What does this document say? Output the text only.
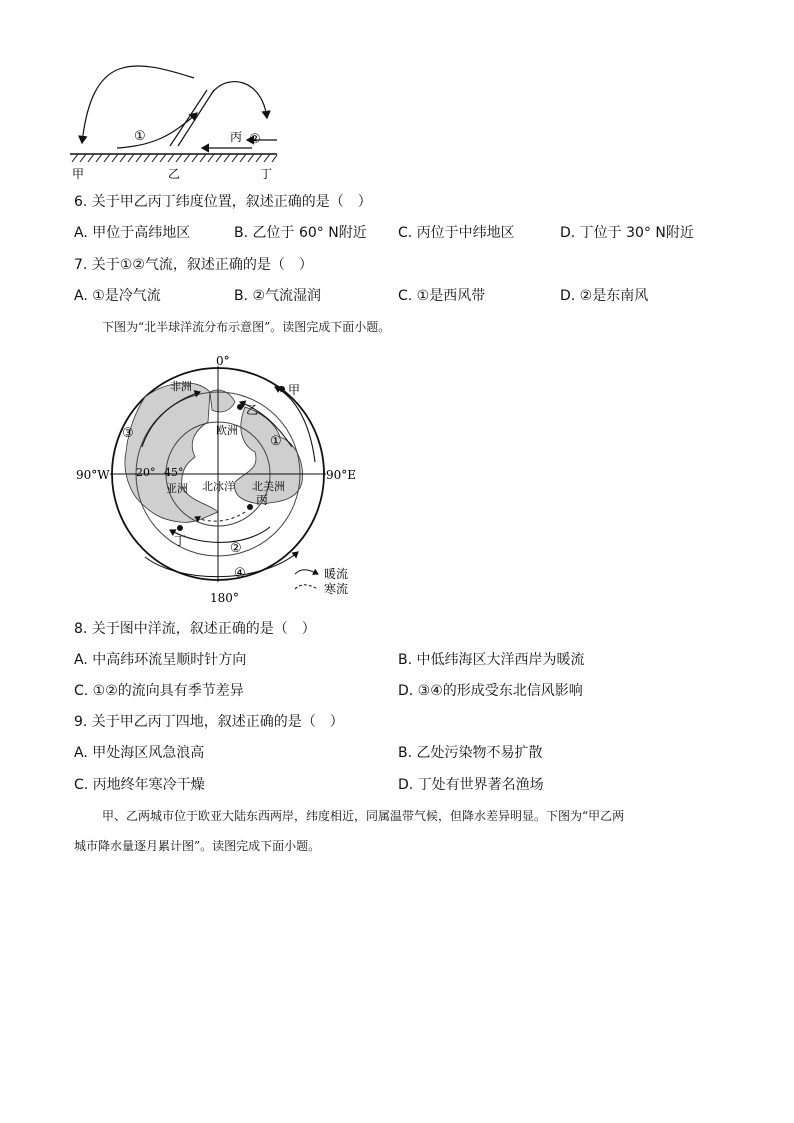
甲	乙	丁
丙
①	②
6. 关于甲乙丙丁纬度位置，叙述正确的是（　）
A. 甲位于高纬地区	B. 乙位于 60° N附近 C. 丙位于中纬地区	D. 丁位于 30° N附近
7. 关于①②气流，叙述正确的是（　）
A. ①是冷气流	B. ②气流湿润	C. ①是西风带	D. ②是东南风
下图为“北半球洋流分布示意图”。读图完成下面小题。
0°
180°
90°W	90°E
非洲
欧洲
亚洲 北冰洋 北美洲
甲
乙
丙
丁
①
②
③
④
20° 45°
暖流
寒流
8. 关于图中洋流，叙述正确的是（　）
A. 中高纬环流呈顺时针方向	B. 中低纬海区大洋西岸为暖流
C. ①②的流向具有季节差异	D. ③④的形成受东北信风影响
9. 关于甲乙丙丁四地，叙述正确的是（　）
A. 甲处海区风急浪高	B. 乙处污染物不易扩散
C. 丙地终年寒冷干燥	D. 丁处有世界著名渔场
甲、乙两城市位于欧亚大陆东西两岸，纬度相近，同属温带气候，但降水差异明显。下图为“甲乙两
城市降水量逐月累计图”。读图完成下面小题。
